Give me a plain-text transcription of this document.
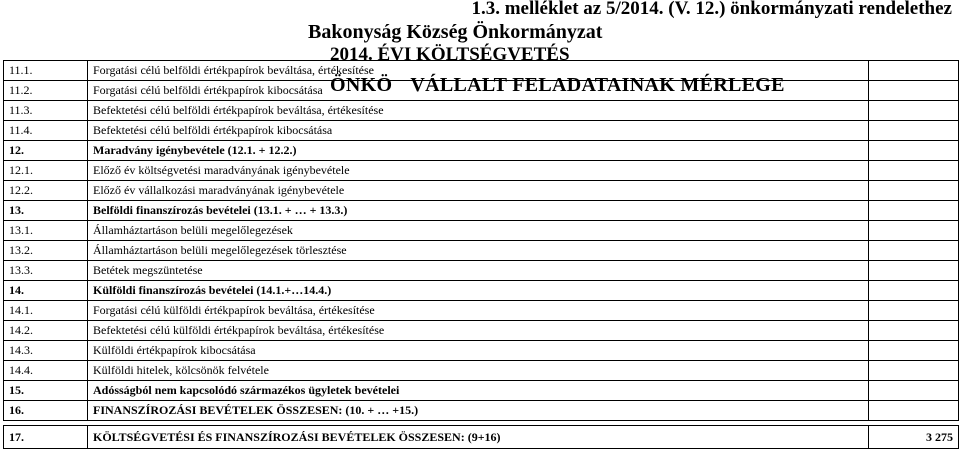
1.3. melléklet az 5/2014. (V. 12.) önkormányzati rendelethez
Bakonyság Község Önkormányzat
11.1.	Forgatási célú belföldi értékpapírok beváltása, értékesítése	
11.2.	Forgatási célú belföldi értékpapírok kibocsátása	
11.3.	Befektetési célú belföldi értékpapírok beváltása, értékesítése	
11.4.	Befektetési célú belföldi értékpapírok kibocsátása	
12.	Maradvány igénybevétele (12.1. + 12.2.)	
12.1.	Előző év költségvetési maradványának igénybevétele	
12.2.	Előző év vállalkozási maradványának igénybevétele	
13.	Belföldi finanszírozás bevételei (13.1. + … + 13.3.)	
13.1.	Államháztartáson belüli megelőlegezések	
13.2.	Államháztartáson belüli megelőlegezések törlesztése	
13.3.	Betétek megszüntetése	
14.	Külföldi finanszírozás bevételei (14.1.+…14.4.)	
14.1.	Forgatási célú külföldi értékpapírok beváltása, értékesítése	
14.2.	Befektetési célú külföldi értékpapírok beváltása, értékesítése	
14.3.	Külföldi értékpapírok kibocsátása	
14.4.	Külföldi hitelek, kölcsönök felvétele	
15.	Adósságból nem kapcsolódó származékos ügyletek bevételei	
16.	FINANSZÍROZÁSI BEVÉTELEK ÖSSZESEN: (10. + … +15.)	

17.	KÖLTSÉGVETÉSI ÉS FINANSZÍROZÁSI BEVÉTELEK ÖSSZESEN: (9+16)	3 275
2014. ÉVI KÖLTSÉGVETÉS
ÖNKÖ VÁLLALT FELADATAINAK MÉRLEGE
